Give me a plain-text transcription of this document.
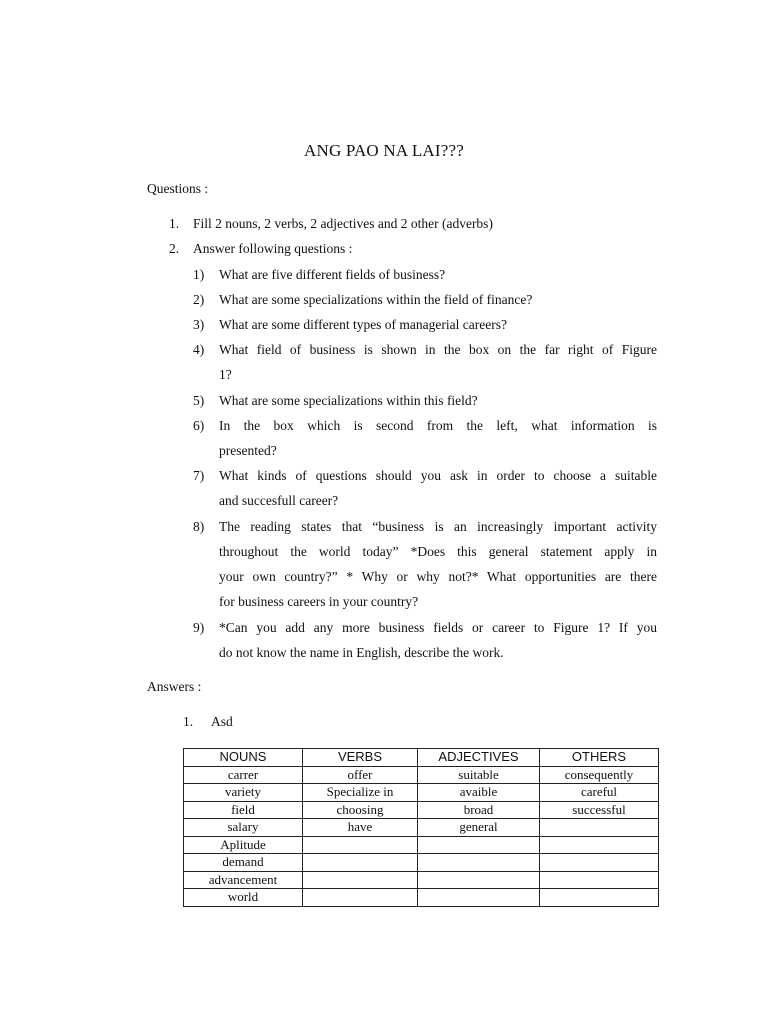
ANG PAO NA LAI???

Questions :

1. Fill 2 nouns, 2 verbs, 2 adjectives and 2 other (adverbs)
2. Answer following questions :
1) What are five different fields of business?
2) What are some specializations within the field of finance?
3) What are some different types of managerial careers?
4) What field of business is shown in the box on the far right of Figure
1?
5) What are some specializations within this field?
6) In the box which is second from the left, what information is
presented?
7) What kinds of questions should you ask in order to choose a suitable
and succesfull career?
8) The reading states that “business is an increasingly important activity
throughout the world today” *Does this general statement apply in
your own country?” * Why or why not?* What opportunities are there
for business careers in your country?
9) *Can you add any more business fields or career to Figure 1? If you
do not know the name in English, describe the work.

Answers :

1. Asd
NOUNS	VERBS	ADJECTIVES	OTHERS
carrer	offer	suitable	consequently
variety	Specialize in	avaible	careful
field	choosing	broad	successful
salary	have	general	
Aplitude			
demand			
advancement			
world			
